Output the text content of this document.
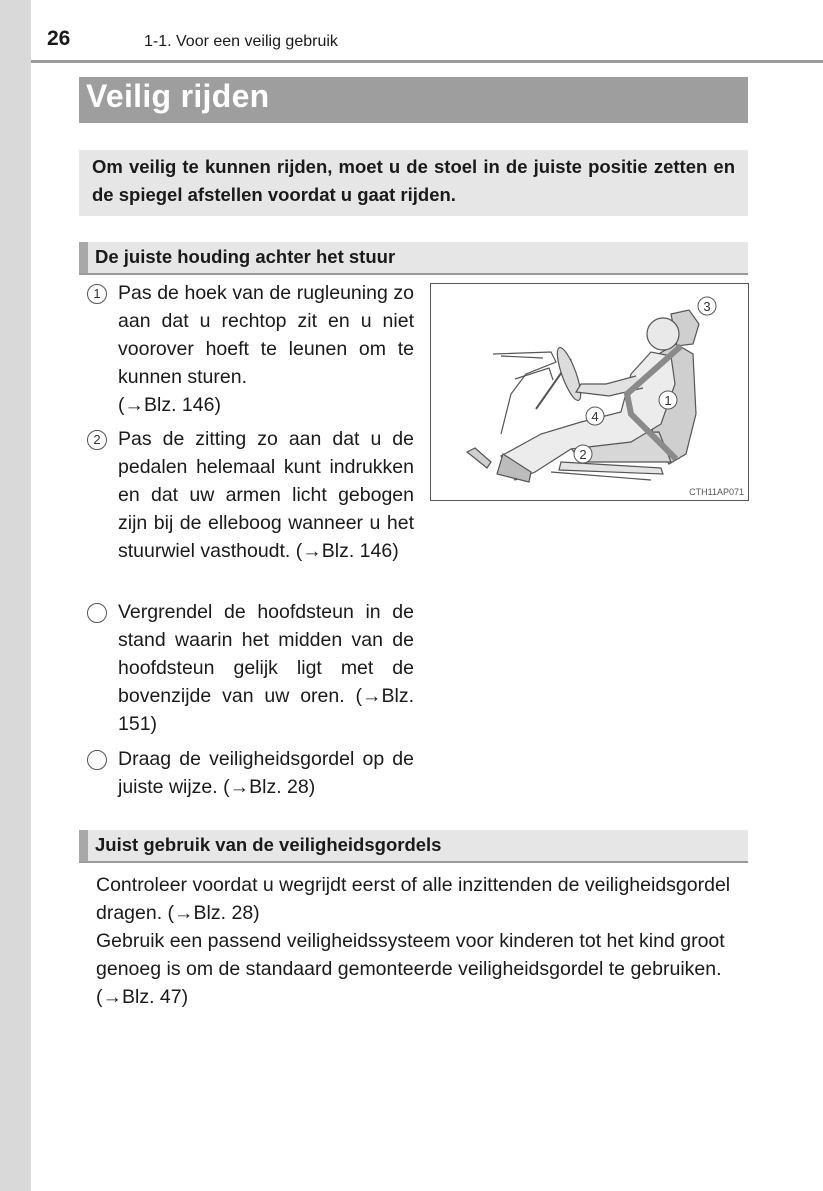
26	1-1. Voor een veilig gebruik
Veilig rijden

Om veilig te kunnen rijden, moet u de stoel in de juiste positie zetten en de spiegel afstellen voordat u gaat rijden.

De juiste houding achter het stuur
1 Pas de hoek van de rugleuning zo aan dat u rechtop zit en u niet voorover hoeft te leunen om te kunnen sturen.
(→Blz. 146)
2 Pas de zitting zo aan dat u de pedalen helemaal kunt indrukken en dat uw armen licht gebogen zijn bij de elleboog wanneer u het stuurwiel vasthoudt. (→Blz. 146)
Vergrendel de hoofdsteun in de stand waarin het midden van de hoofdsteun gelijk ligt met de bovenzijde van uw oren. (→Blz. 151)
Draag de veiligheidsgordel op de juiste wijze. (→Blz. 28)
1
2
3
4
CTH11AP071
Juist gebruik van de veiligheidsgordels

Controleer voordat u wegrijdt eerst of alle inzittenden de veiligheidsgordel dragen. (→Blz. 28)

Gebruik een passend veiligheidssysteem voor kinderen tot het kind groot genoeg is om de standaard gemonteerde veiligheidsgordel te gebruiken. (→Blz. 47)
